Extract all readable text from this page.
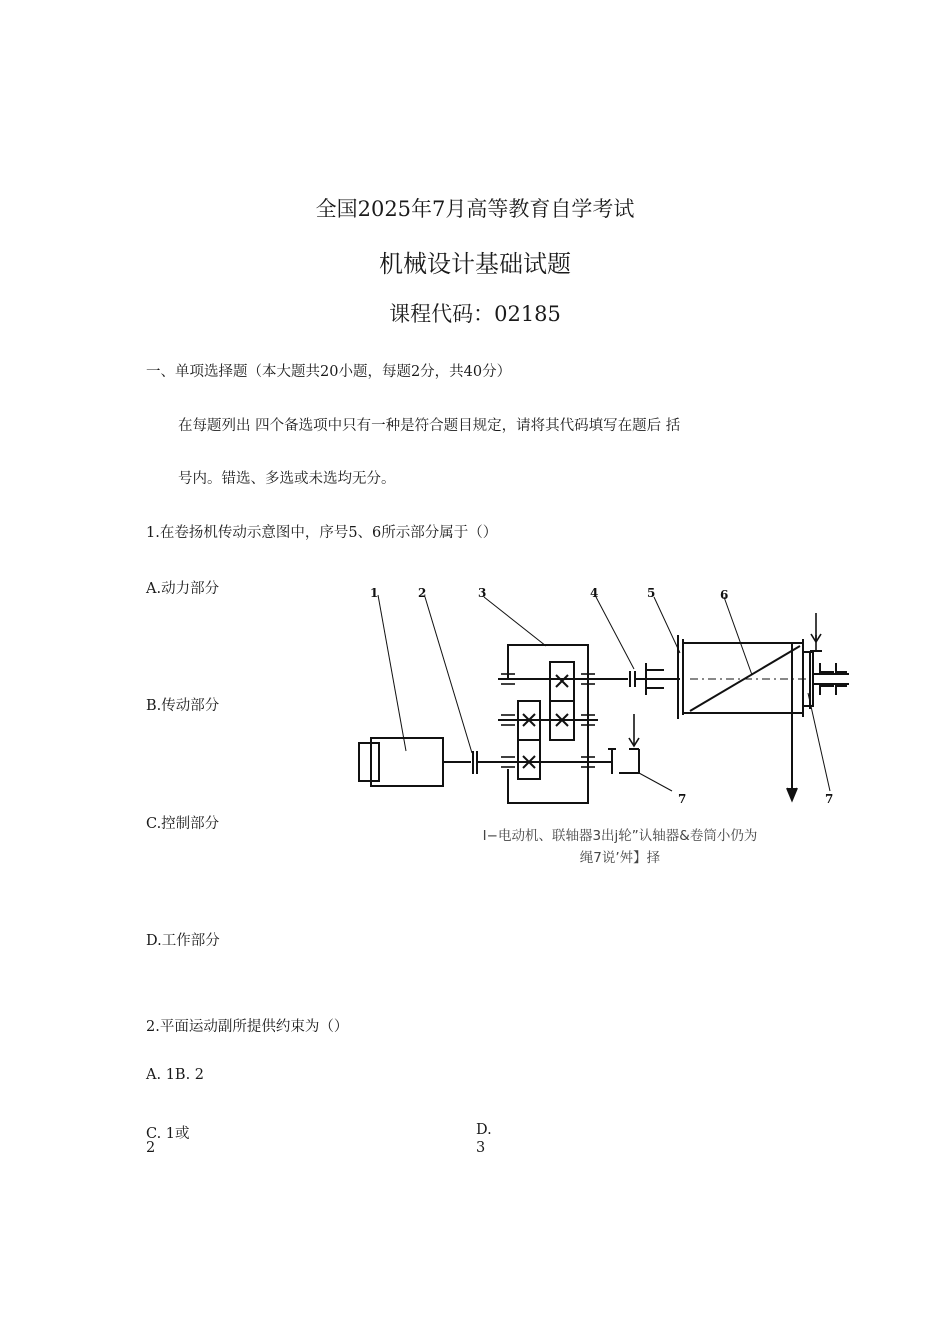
全国2025年7月高等教育自学考试
机械设计基础试题
课程代码：02185
一、单项选择题（本大题共20小题，每题2分，共40分）
在每题列出 四个备选项中只有一种是符合题目规定，请将其代码填写在题后 括
号内。错选、多选或未选均无分。
1.在卷扬机传动示意图中，序号5、6所示部分属于（）
A.动力部分
B.传动部分
C.控制部分
D.工作部分
1	2	3	4	5	6
7	7
Ⅰ−电动机、联轴器3出j轮”认轴器&卷筒小仍为
绳7说’舛】择
2.平面运动副所提供约束为（）
A. 1B. 2
C. 1或
2
D.
3
